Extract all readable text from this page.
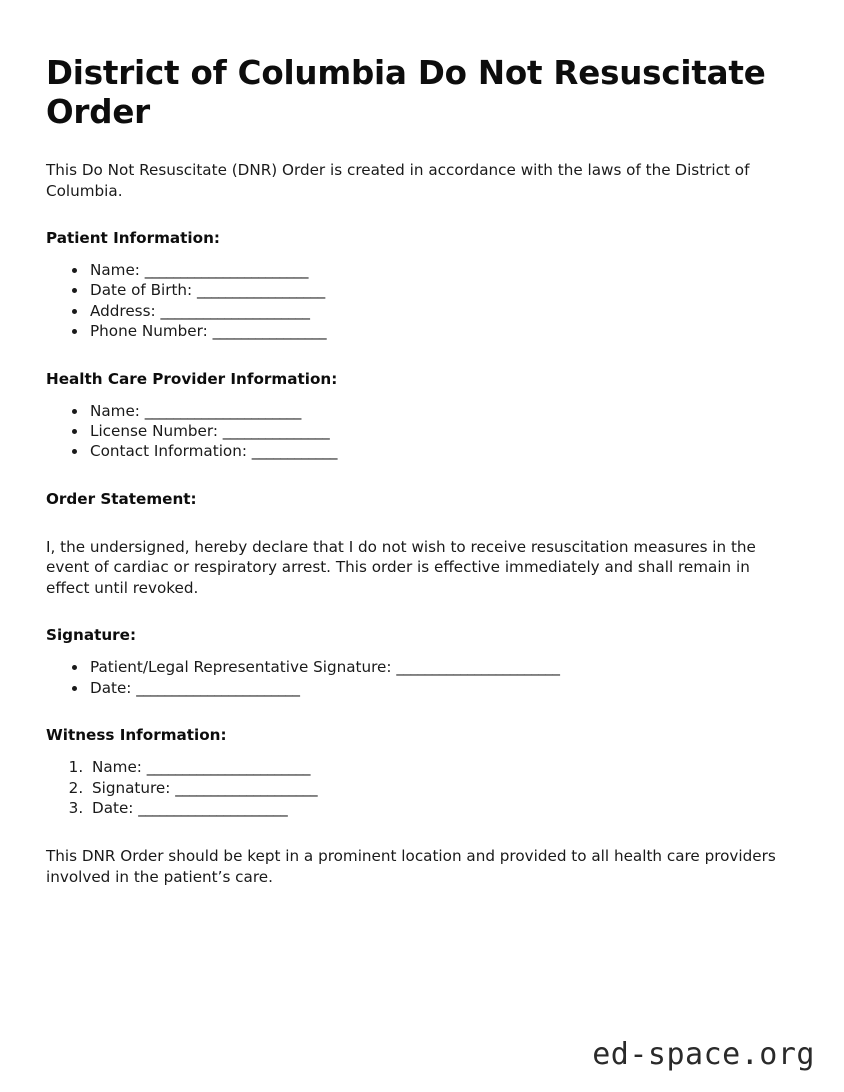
District of Columbia Do Not Resuscitate Order

This Do Not Resuscitate (DNR) Order is created in accordance with the laws of the District of Columbia.

Patient Information:
• Name: _______________________
• Date of Birth: __________________
• Address: _____________________
• Phone Number: ________________
Health Care Provider Information:
• Name: ______________________
• License Number: _______________
• Contact Information: ____________
Order Statement:

I, the undersigned, hereby declare that I do not wish to receive resuscitation measures in the event of cardiac or respiratory arrest. This order is effective immediately and shall remain in effect until revoked.

Signature:
• Patient/Legal Representative Signature: _______________________
• Date: _______________________
Witness Information:
1. Name: _______________________
2. Signature: ____________________
3. Date: _____________________

This DNR Order should be kept in a prominent location and provided to all health care providers involved in the patient’s care.

ed-space.org
